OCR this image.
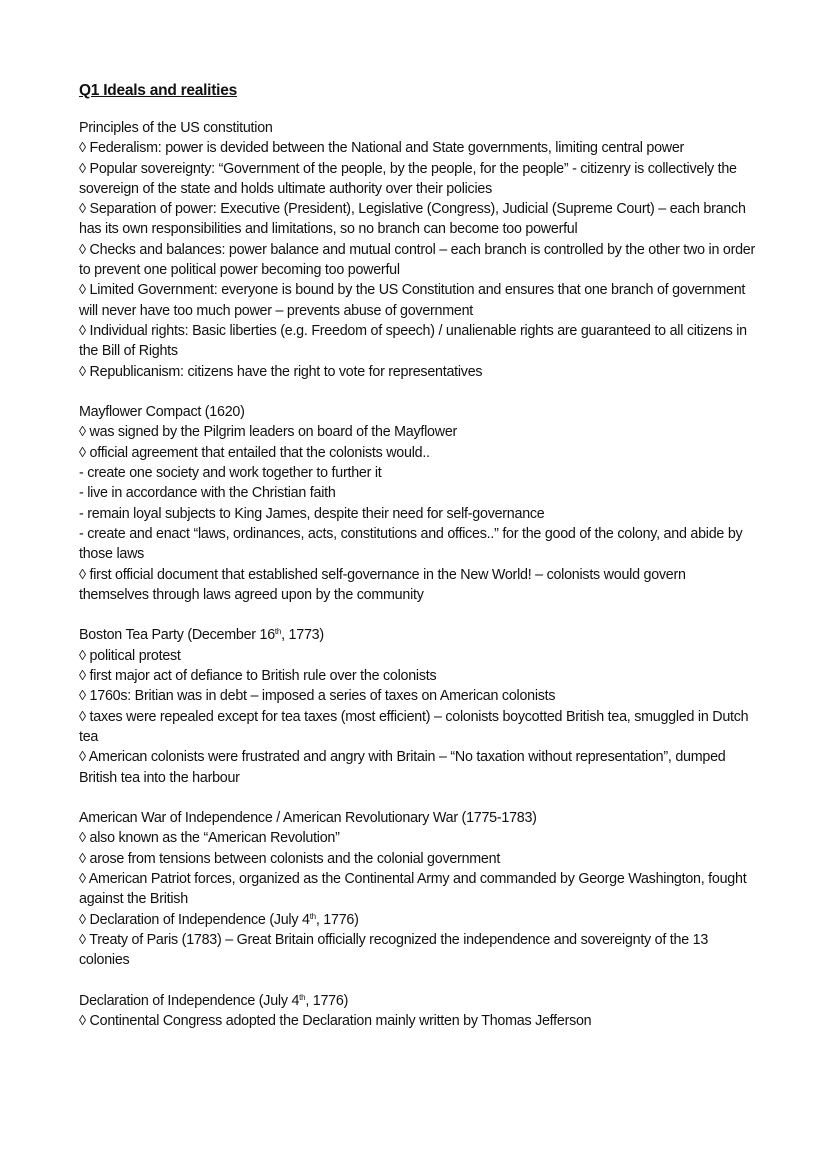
Q1 Ideals and realities
Principles of the US constitution
◊ Federalism: power is devided between the National and State governments, limiting central power
◊ Popular sovereignty: “Government of the people, by the people, for the people” - citizenry is collectively the sovereign of the state and holds ultimate authority over their policies
◊ Separation of power: Executive (President), Legislative (Congress), Judicial (Supreme Court) – each branch has its own responsibilities and limitations, so no branch can become too powerful
◊ Checks and balances: power balance and mutual control – each branch is controlled by the other two in order to prevent one political power becoming too powerful
◊ Limited Government: everyone is bound by the US Constitution and ensures that one branch of government will never have too much power – prevents abuse of government
◊ Individual rights: Basic liberties (e.g. Freedom of speech) / unalienable rights are guaranteed to all citizens in the Bill of Rights
◊ Republicanism: citizens have the right to vote for representatives
Mayflower Compact (1620)
◊ was signed by the Pilgrim leaders on board of the Mayflower
◊ official agreement that entailed that the colonists would..
- create one society and work together to further it
- live in accordance with the Christian faith
- remain loyal subjects to King James, despite their need for self-governance
- create and enact “laws, ordinances, acts, constitutions and offices..” for the good of the colony, and abide by those laws
◊ first official document that established self-governance in the New World! – colonists would govern themselves through laws agreed upon by the community
Boston Tea Party (December 16th, 1773)
◊ political protest
◊ first major act of defiance to British rule over the colonists
◊ 1760s: Britian was in debt – imposed a series of taxes on American colonists
◊ taxes were repealed except for tea taxes (most efficient) – colonists boycotted British tea, smuggled in Dutch tea
◊ American colonists were frustrated and angry with Britain – “No taxation without representation”, dumped British tea into the harbour
American War of Independence / American Revolutionary War (1775-1783)
◊ also known as the “American Revolution”
◊ arose from tensions between colonists and the colonial government
◊ American Patriot forces, organized as the Continental Army and commanded by George Washington, fought against the British
◊ Declaration of Independence (July 4th, 1776)
◊ Treaty of Paris (1783) – Great Britain officially recognized the independence and sovereignty of the 13 colonies
Declaration of Independence (July 4th, 1776)
◊ Continental Congress adopted the Declaration mainly written by Thomas Jefferson
